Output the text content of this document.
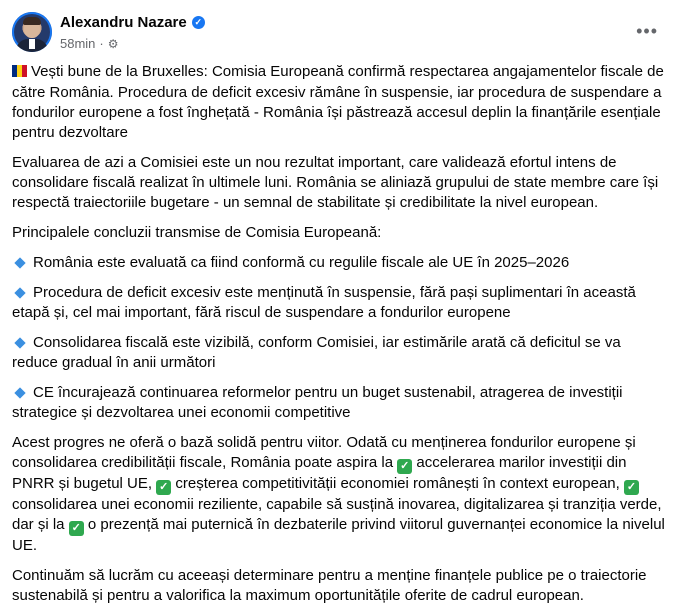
Alexandru Nazare ✓
58min · ⚙
•••

Vești bune de la Bruxelles: Comisia Europeană confirmă respectarea angajamentelor fiscale de către România. Procedura de deficit excesiv rămâne în suspensie, iar procedura de suspendare a fondurilor europene a fost înghețată - România își păstrează accesul deplin la finanțările esențiale pentru dezvoltare

Evaluarea de azi a Comisiei este un nou rezultat important, care validează efortul intens de consolidare fiscală realizat în ultimele luni. România se aliniază grupului de state membre care își respectă traiectoriile bugetare - un semnal de stabilitate și credibilitate la nivel european.

Principalele concluzii transmise de Comisia Europeană:

România este evaluată ca fiind conformă cu regulile fiscale ale UE în 2025–2026

Procedura de deficit excesiv este menținută în suspensie, fără pași suplimentari în această etapă și, cel mai important, fără riscul de suspendare a fondurilor europene

Consolidarea fiscală este vizibilă, conform Comisiei, iar estimările arată că deficitul se va reduce gradual în anii următori

CE încurajează continuarea reformelor pentru un buget sustenabil, atragerea de investiții strategice și dezvoltarea unei economii competitive

Acest progres ne oferă o bază solidă pentru viitor. Odată cu menținerea fondurilor europene și consolidarea credibilității fiscale, România poate aspira la ✓ accelerarea marilor investiții din PNRR și bugetul UE, ✓ creșterea competitivității economiei românești în context european, ✓ consolidarea unei economii reziliente, capabile să susțină inovarea, digitalizarea și tranziția verde, dar și la ✓ o prezență mai puternică în dezbaterile privind viitorul guvernanței economice la nivelul UE.

Continuăm să lucrăm cu aceeași determinare pentru a menține finanțele publice pe o traiectorie sustenabilă și pentru a valorifica la maximum oportunitățile oferite de cadrul european.
